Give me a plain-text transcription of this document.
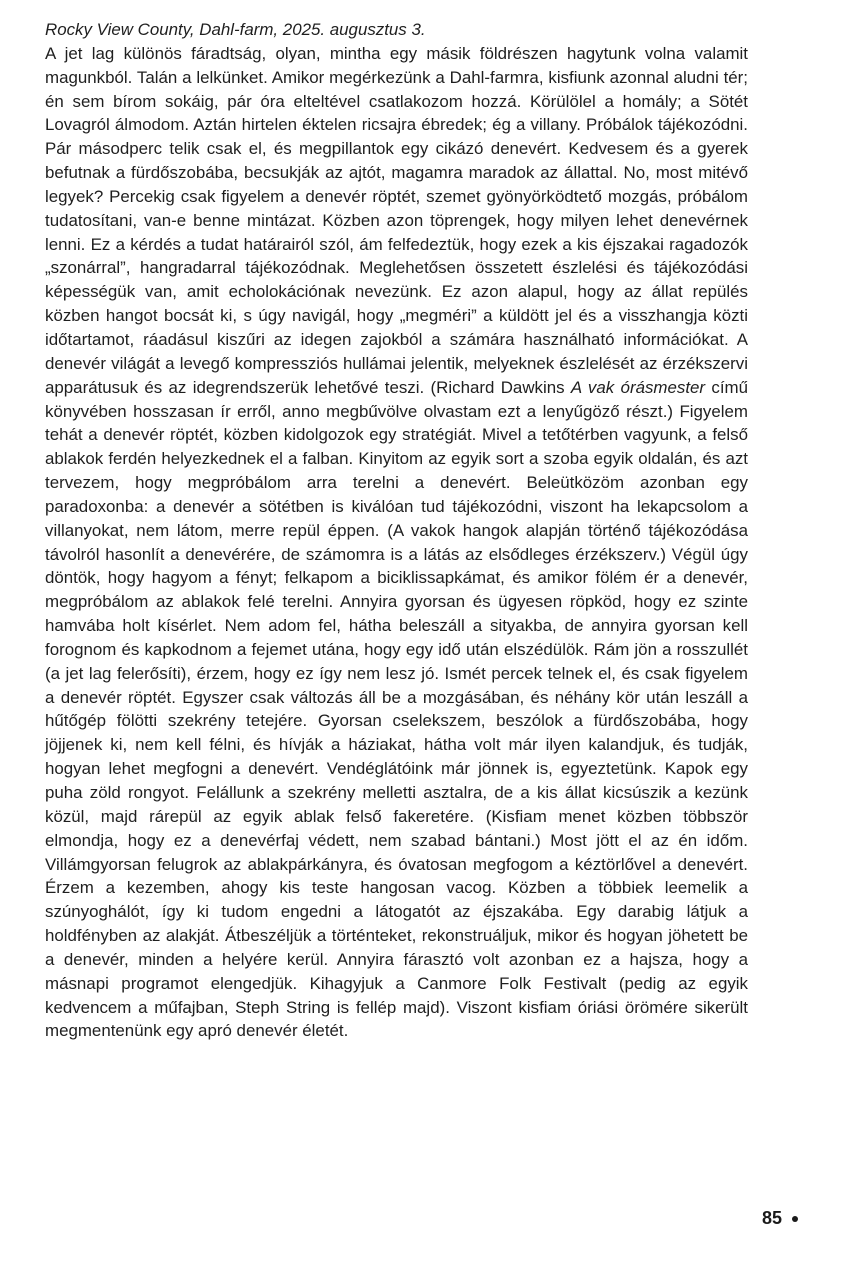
Rocky View County, Dahl-farm, 2025. augusztus 3.

A jet lag különös fáradtság, olyan, mintha egy másik földrészen hagytunk volna valamit magunkból. Talán a lelkünket. Amikor megérkezünk a Dahl-farmra, kisfiunk azonnal aludni tér; én sem bírom sokáig, pár óra elteltével csatlakozom hozzá. Körülölel a homály; a Sötét Lovagról álmodom. Aztán hirtelen éktelen ricsajra ébredek; ég a villany. Próbálok tájékozódni. Pár másodperc telik csak el, és megpillantok egy cikázó denevért. Kedvesem és a gyerek befutnak a fürdőszobába, becsukják az ajtót, magamra maradok az állattal. No, most mitévő legyek? Percekig csak figyelem a denevér röptét, szemet gyönyörködtető mozgás, próbálom tudatosítani, van-e benne mintázat. Közben azon töprengek, hogy milyen lehet denevérnek lenni. Ez a kérdés a tudat határairól szól, ám felfedeztük, hogy ezek a kis éjszakai ragadozók „szonárral”, hangradarral tájékozódnak. Meglehetősen összetett észlelési és tájékozódási képességük van, amit echolokációnak nevezünk. Ez azon alapul, hogy az állat repülés közben hangot bocsát ki, s úgy navigál, hogy „megméri” a küldött jel és a visszhangja közti időtartamot, ráadásul kiszűri az idegen zajokból a számára használható információkat. A denevér világát a levegő kompressziós hullámai jelentik, melyeknek észlelését az érzékszervi apparátusuk és az idegrendszerük lehetővé teszi. (Richard Dawkins A vak órásmester című könyvében hosszasan ír erről, anno megbűvölve olvastam ezt a lenyűgöző részt.) Figyelem tehát a denevér röptét, közben kidolgozok egy stratégiát. Mivel a tetőtérben vagyunk, a felső ablakok ferdén helyezkednek el a falban. Kinyitom az egyik sort a szoba egyik oldalán, és azt tervezem, hogy megpróbálom arra terelni a denevért. Beleütközöm azonban egy paradoxonba: a denevér a sötétben is kiválóan tud tájékozódni, viszont ha lekapcsolom a villanyokat, nem látom, merre repül éppen. (A vakok hangok alapján történő tájékozódása távolról hasonlít a denevérére, de számomra is a látás az elsődleges érzékszerv.) Végül úgy döntök, hogy hagyom a fényt; felkapom a biciklissapkámat, és amikor fölém ér a denevér, megpróbálom az ablakok felé terelni. Annyira gyorsan és ügyesen röpköd, hogy ez szinte hamvába holt kísérlet. Nem adom fel, hátha beleszáll a sityakba, de annyira gyorsan kell forognom és kapkodnom a fejemet utána, hogy egy idő után elszédülök. Rám jön a rosszullét (a jet lag felerősíti), érzem, hogy ez így nem lesz jó. Ismét percek telnek el, és csak figyelem a denevér röptét. Egyszer csak változás áll be a mozgásában, és néhány kör után leszáll a hűtőgép fölötti szekrény tetejére. Gyorsan cselekszem, beszólok a fürdőszobába, hogy jöjjenek ki, nem kell félni, és hívják a háziakat, hátha volt már ilyen kalandjuk, és tudják, hogyan lehet megfogni a denevért. Vendéglátóink már jönnek is, egyeztetünk. Kapok egy puha zöld rongyot. Felállunk a szekrény melletti asztalra, de a kis állat kicsúszik a kezünk közül, majd rárepül az egyik ablak felső fakeretére. (Kisfiam menet közben többször elmondja, hogy ez a denevérfaj védett, nem szabad bántani.) Most jött el az én időm. Villámgyorsan felugrok az ablakpárkányra, és óvatosan megfogom a kéztörlővel a denevért. Érzem a kezemben, ahogy kis teste hangosan vacog. Közben a többiek leemelik a szúnyoghálót, így ki tudom engedni a látogatót az éjszakába. Egy darabig látjuk a holdfényben az alakját. Átbeszéljük a történteket, rekonstruáljuk, mikor és hogyan jöhetett be a denevér, minden a helyére kerül. Annyira fárasztó volt azonban ez a hajsza, hogy a másnapi programot elengedjük. Kihagyjuk a Canmore Folk Festivalt (pedig az egyik kedvencem a műfajban, Steph String is fellép majd). Viszont kisfiam óriási örömére sikerült megmentenünk egy apró denevér életét.

85
